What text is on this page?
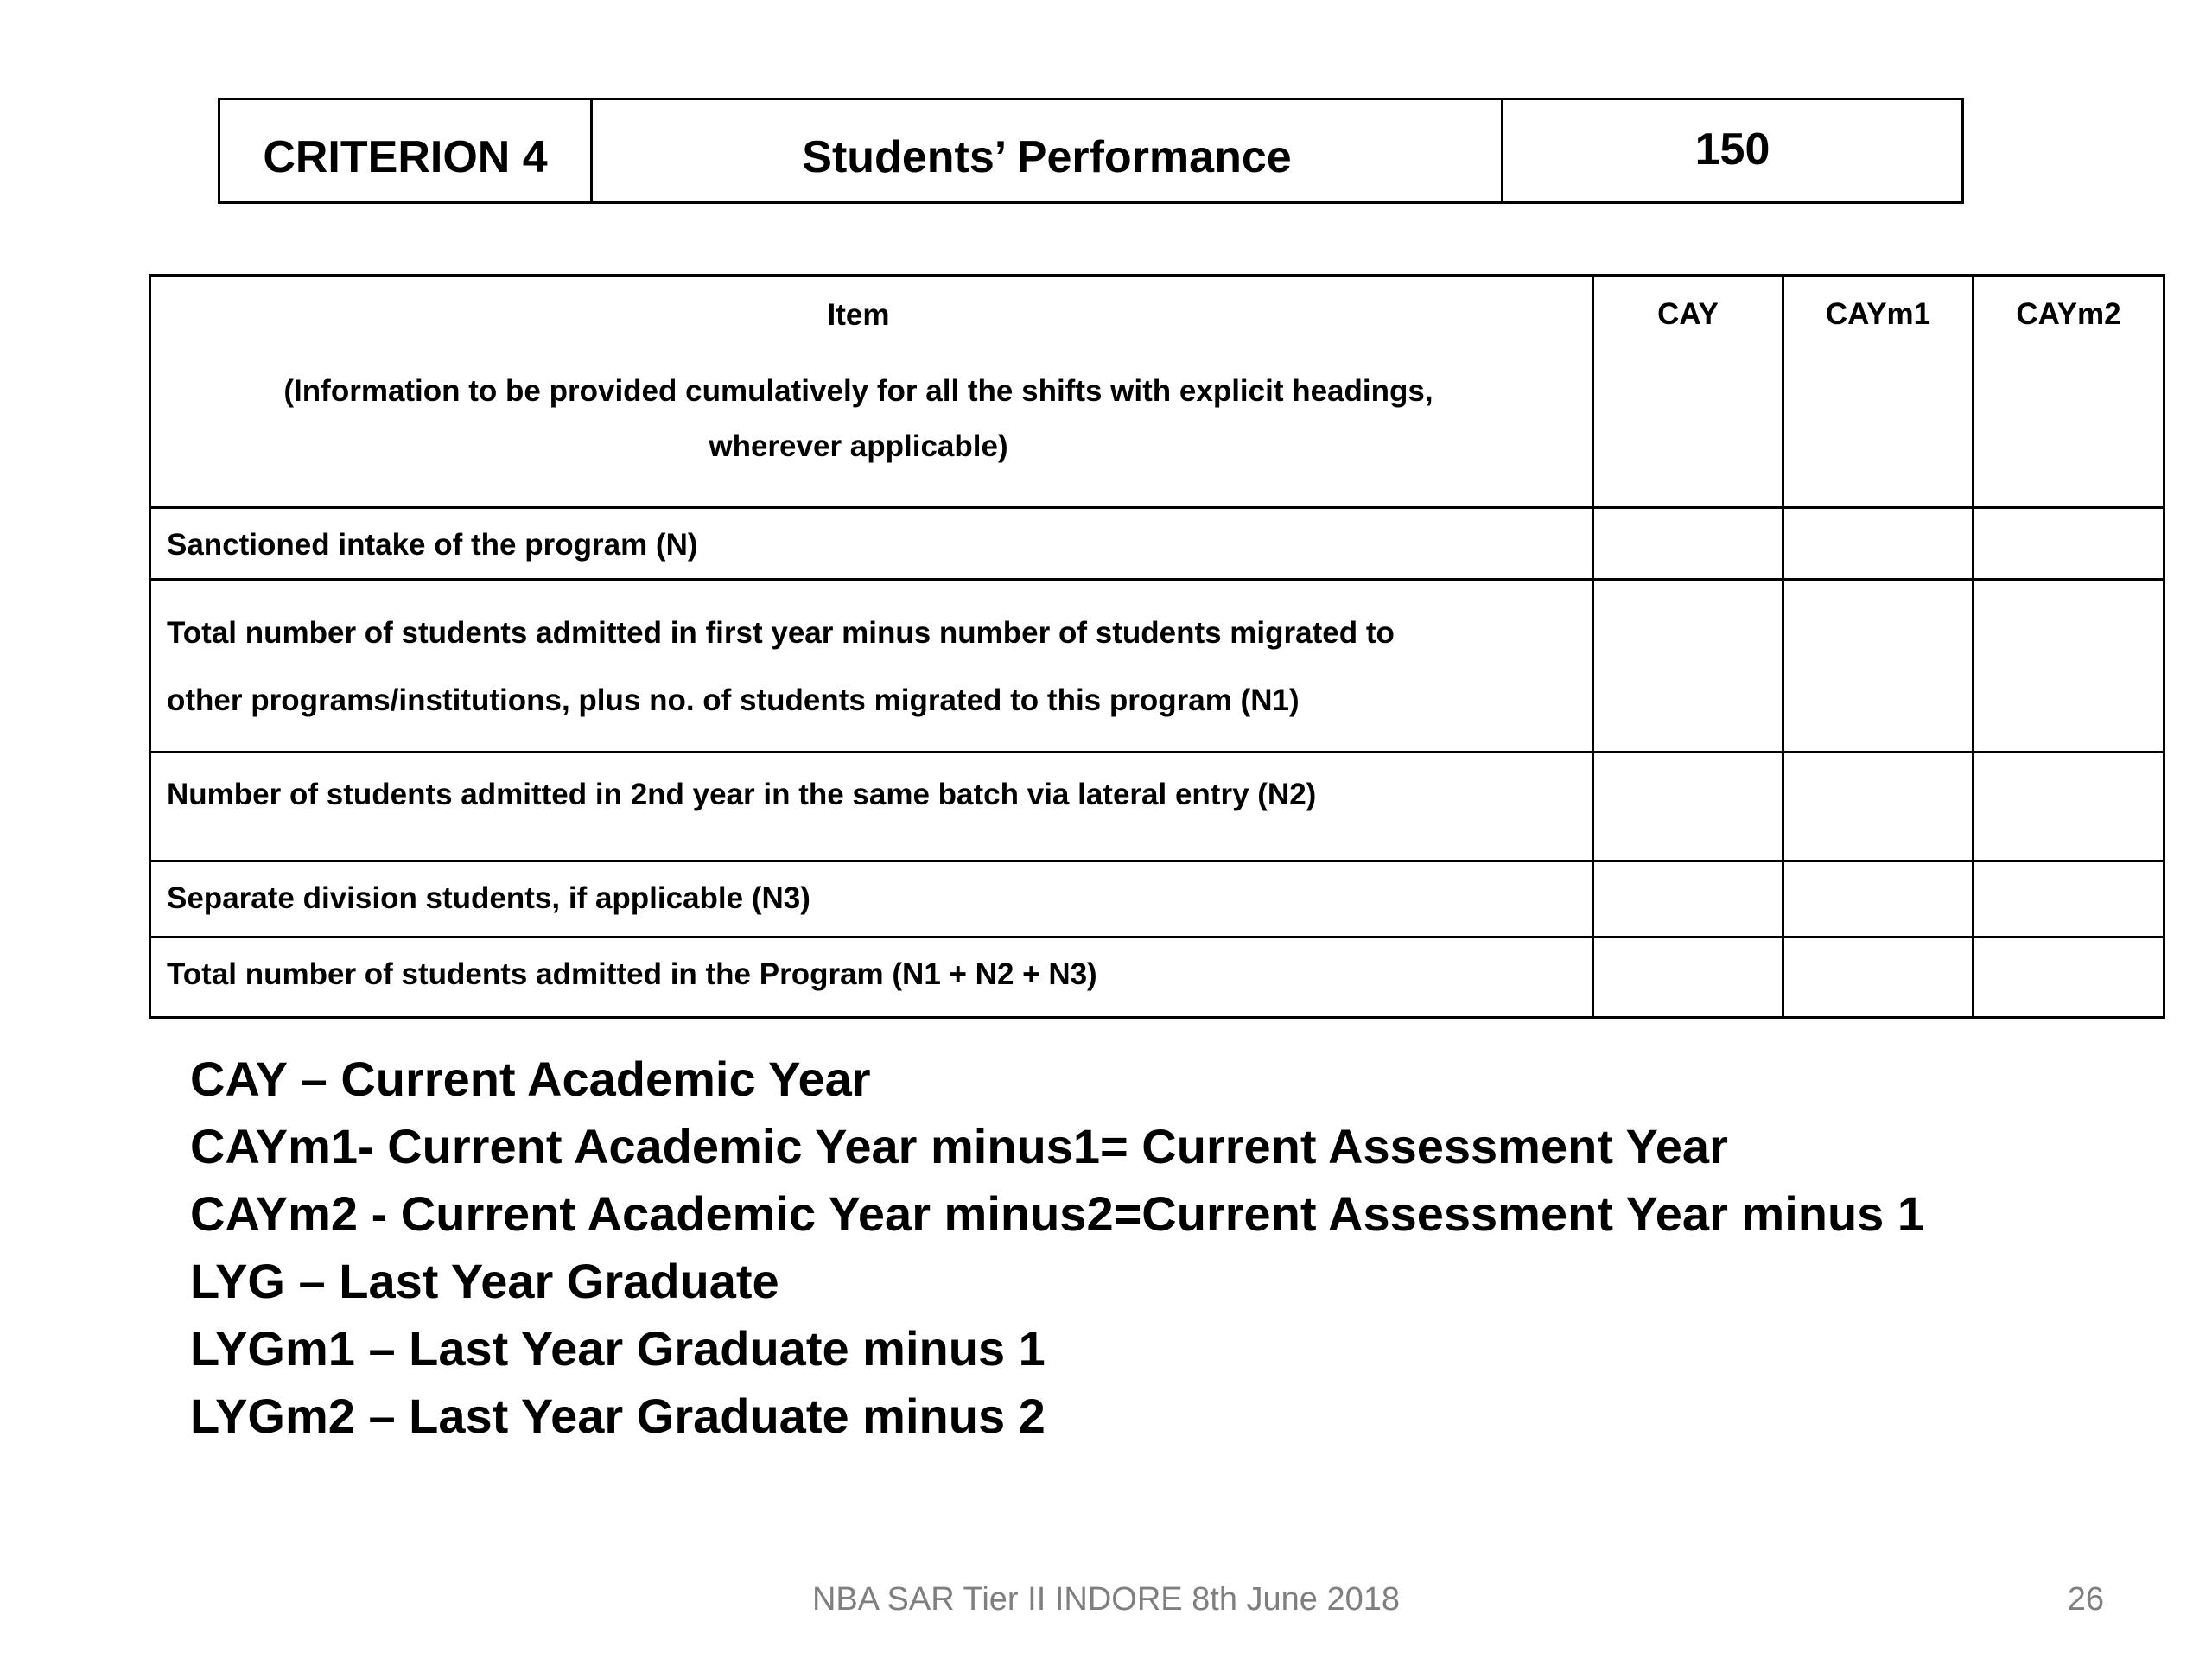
CRITERION 4	Students’ Performance	150
Item
(Information to be provided cumulatively for all the shifts with explicit headings,
wherever applicable)	CAY	CAYm1	CAYm2
Sanctioned intake of the program (N)			

Total number of students admitted in first year minus number of students migrated to
other programs/institutions, plus no. of students migrated to this program (N1)			

Number of students admitted in 2nd year in the same batch via lateral entry (N2)			
Separate division students, if applicable (N3)			
Total number of students admitted in the Program (N1 + N2 + N3)			
CAY – Current Academic Year
CAYm1- Current Academic Year minus1= Current Assessment Year
CAYm2 - Current Academic Year minus2=Current Assessment Year minus 1
LYG – Last Year Graduate
LYGm1 – Last Year Graduate minus 1
LYGm2 – Last Year Graduate minus 2
NBA SAR Tier II INDORE 8th June 2018	26
